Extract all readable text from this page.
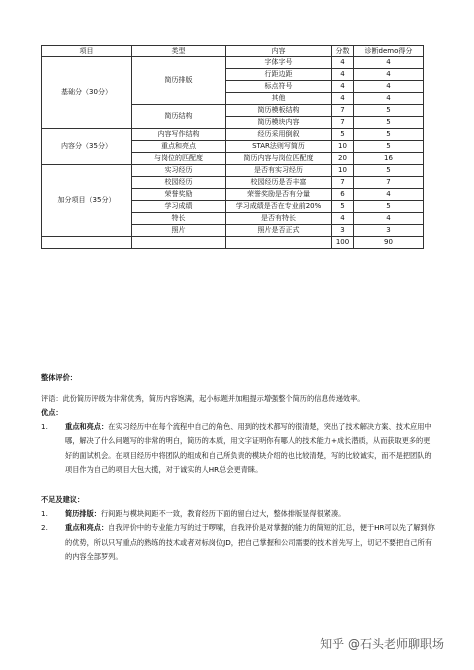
项目	类型	内容	分数	诊断demo得分
基础分（30分）	简历排版	字体字号	4	4
		行距边距	4	4
		标点符号	4	4
		其他	4	4
	简历结构	简历模板结构	7	5
		简历模块内容	7	5
内容分（35分）	内容写作结构	经历采用倒叙	5	5
	重点和亮点	STAR法则写简历	10	5
	与岗位的匹配度	简历内容与岗位匹配度	20	16
加分项目（35分）	实习经历	是否有实习经历	10	5
	校园经历	校园经历是否丰富	7	7
	荣誉奖励	荣誉奖励是否有分量	6	4
	学习成绩	学习成绩是否在专业前20%	5	5
	特长	是否有特长	4	4
	照片	照片是否正式	3	3
			100	90
整体评价：

评语：此份简历评级为非常优秀，简历内容饱满，起小标题并加粗提示增强整个简历的信息传递效率。

优点：

1. 重点和亮点：在实习经历中在每个流程中自己的角色、用到的技术都写的很清楚，突出了技术解决方案、技术应用中哪，解决了什么问题写的非常的明白，简历的本质，用文字证明你有哪人的技术能力+成长潜质，从而获取更多的更好的面试机会。在项目经历中将团队的组成和自己所负责的模块介绍的也比较清楚，写的比较诚实，而不是把团队的项目作为自己的项目大包大揽，对于诚实的人HR总会更青睐。

不足及建议：

1. 简历排版：行间距与模块间距不一致，教育经历下面的留白过大，整体排版显得很紧凑。
2. 重点和亮点：自我评价中的专业能力写的过于啰嗦，自我评价是对掌握的能力的简短的汇总，便于HR可以先了解到你的优势，所以只写重点的熟练的技术或者对标岗位JD，把自己掌握和公司需要的技术首先写上，切记不要把自己所有的内容全部罗列。
知乎 @石头老师聊职场
